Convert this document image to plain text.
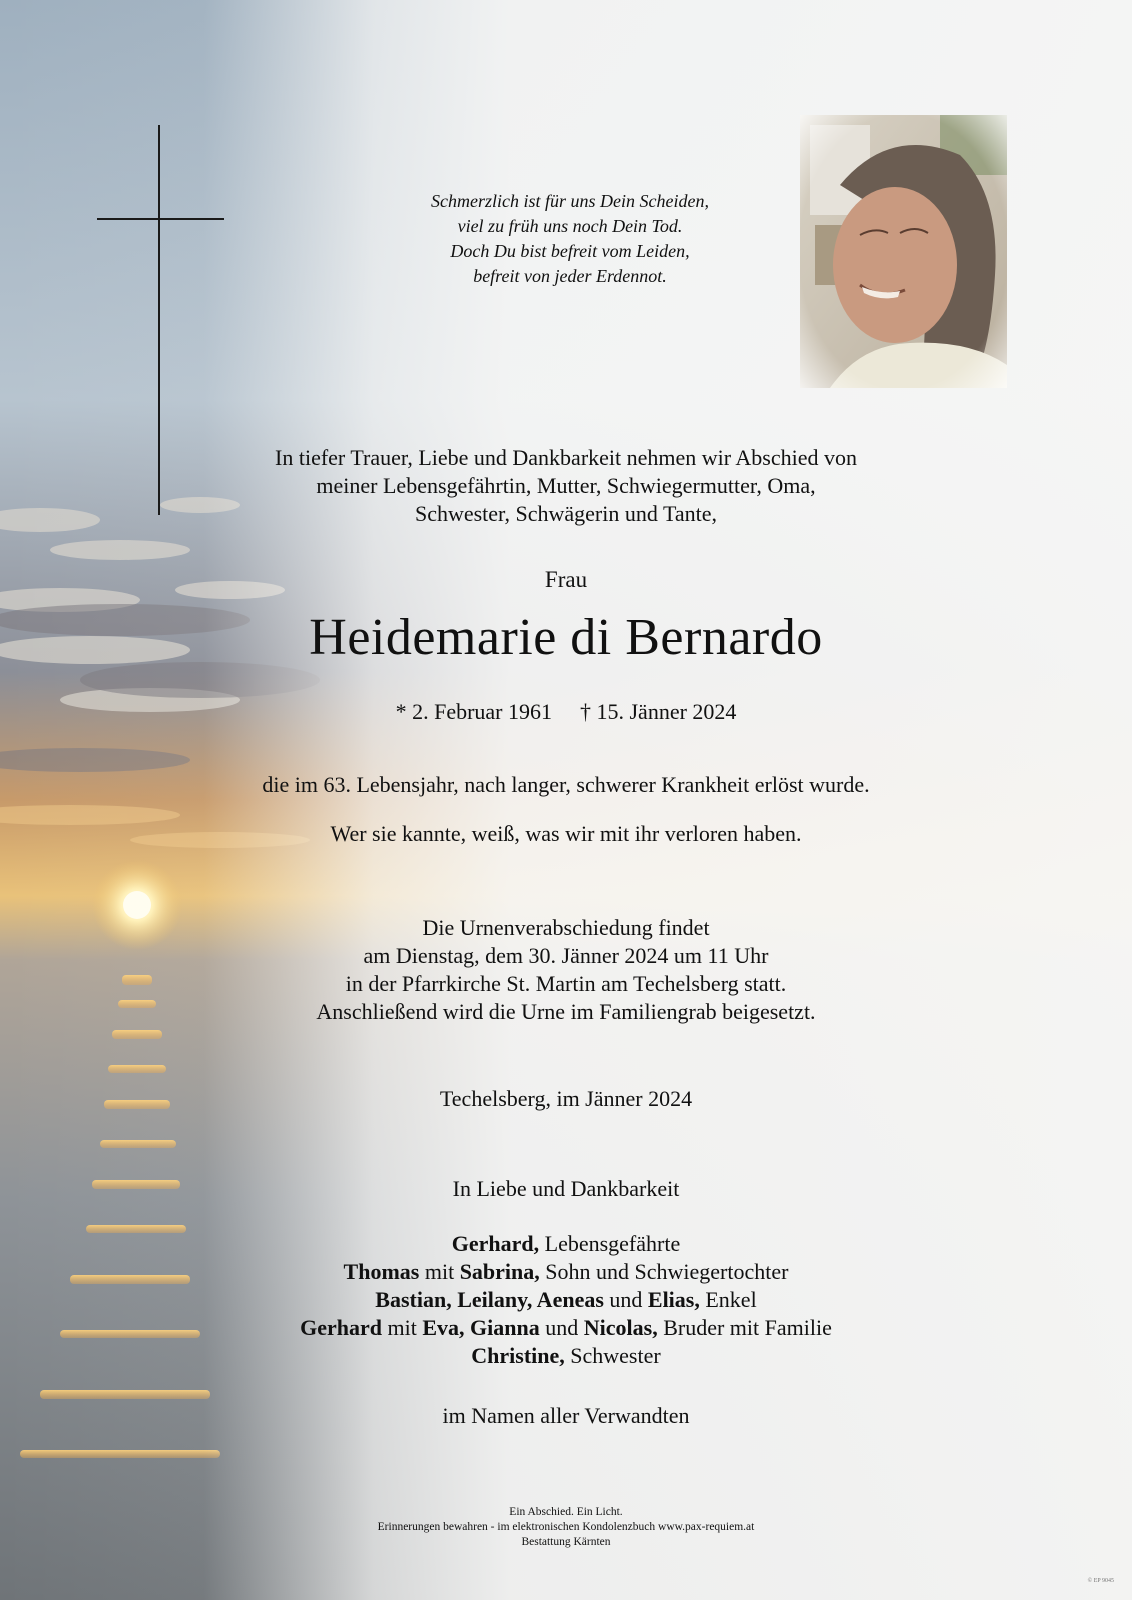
Schmerzlich ist für uns Dein Scheiden,
viel zu früh uns noch Dein Tod.
Doch Du bist befreit vom Leiden,
befreit von jeder Erdennot.
In tiefer Trauer, Liebe und Dankbarkeit nehmen wir Abschied von
meiner Lebensgefährtin, Mutter, Schwiegermutter, Oma,
Schwester, Schwägerin und Tante,
Frau
Heidemarie di Bernardo
* 2. Februar 1961 † 15. Jänner 2024
die im 63. Lebensjahr, nach langer, schwerer Krankheit erlöst wurde.
Wer sie kannte, weiß, was wir mit ihr verloren haben.
Die Urnenverabschiedung findet
am Dienstag, dem 30. Jänner 2024 um 11 Uhr
in der Pfarrkirche St. Martin am Techelsberg statt.
Anschließend wird die Urne im Familiengrab beigesetzt.
Techelsberg, im Jänner 2024
In Liebe und Dankbarkeit
Gerhard, Lebensgefährte
Thomas mit Sabrina, Sohn und Schwiegertochter
Bastian, Leilany, Aeneas und Elias, Enkel
Gerhard mit Eva, Gianna und Nicolas, Bruder mit Familie
Christine, Schwester
im Namen aller Verwandten
Ein Abschied. Ein Licht.
Erinnerungen bewahren - im elektronischen Kondolenzbuch www.pax-requiem.at
Bestattung Kärnten
© EP 9045
